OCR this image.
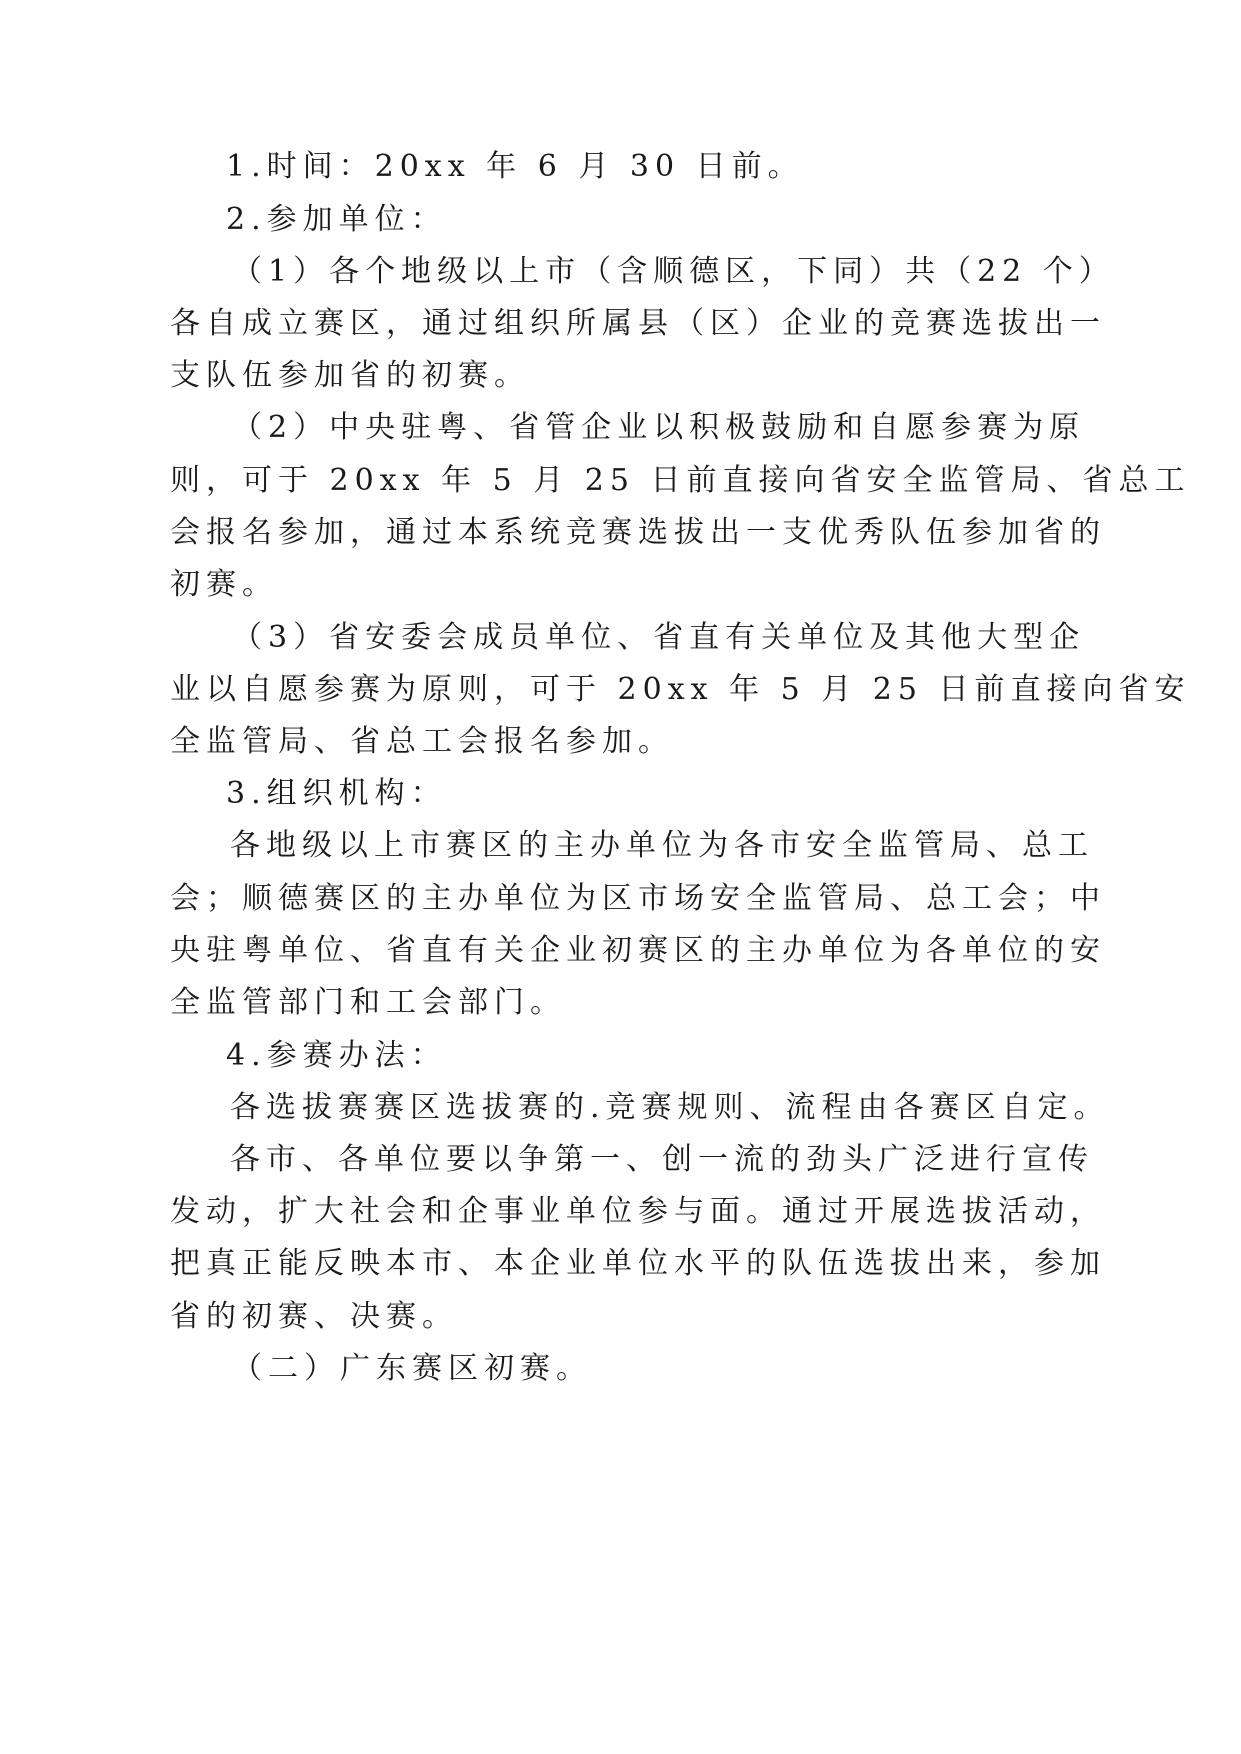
1.时间：20xx 年 6 月 30 日前。
2.参加单位：
（1）各个地级以上市（含顺德区，下同）共（22 个）
各自成立赛区，通过组织所属县（区）企业的竞赛选拔出一
支队伍参加省的初赛。
（2）中央驻粤、省管企业以积极鼓励和自愿参赛为原
则，可于 20xx 年 5 月 25 日前直接向省安全监管局、省总工
会报名参加，通过本系统竞赛选拔出一支优秀队伍参加省的
初赛。
（3）省安委会成员单位、省直有关单位及其他大型企
业以自愿参赛为原则，可于 20xx 年 5 月 25 日前直接向省安
全监管局、省总工会报名参加。
3.组织机构：
各地级以上市赛区的主办单位为各市安全监管局、总工
会；顺德赛区的主办单位为区市场安全监管局、总工会；中
央驻粤单位、省直有关企业初赛区的主办单位为各单位的安
全监管部门和工会部门。
4.参赛办法：
各选拔赛赛区选拔赛的.竞赛规则、流程由各赛区自定。
各市、各单位要以争第一、创一流的劲头广泛进行宣传
发动，扩大社会和企事业单位参与面。通过开展选拔活动，
把真正能反映本市、本企业单位水平的队伍选拔出来，参加
省的初赛、决赛。
（二）广东赛区初赛。
